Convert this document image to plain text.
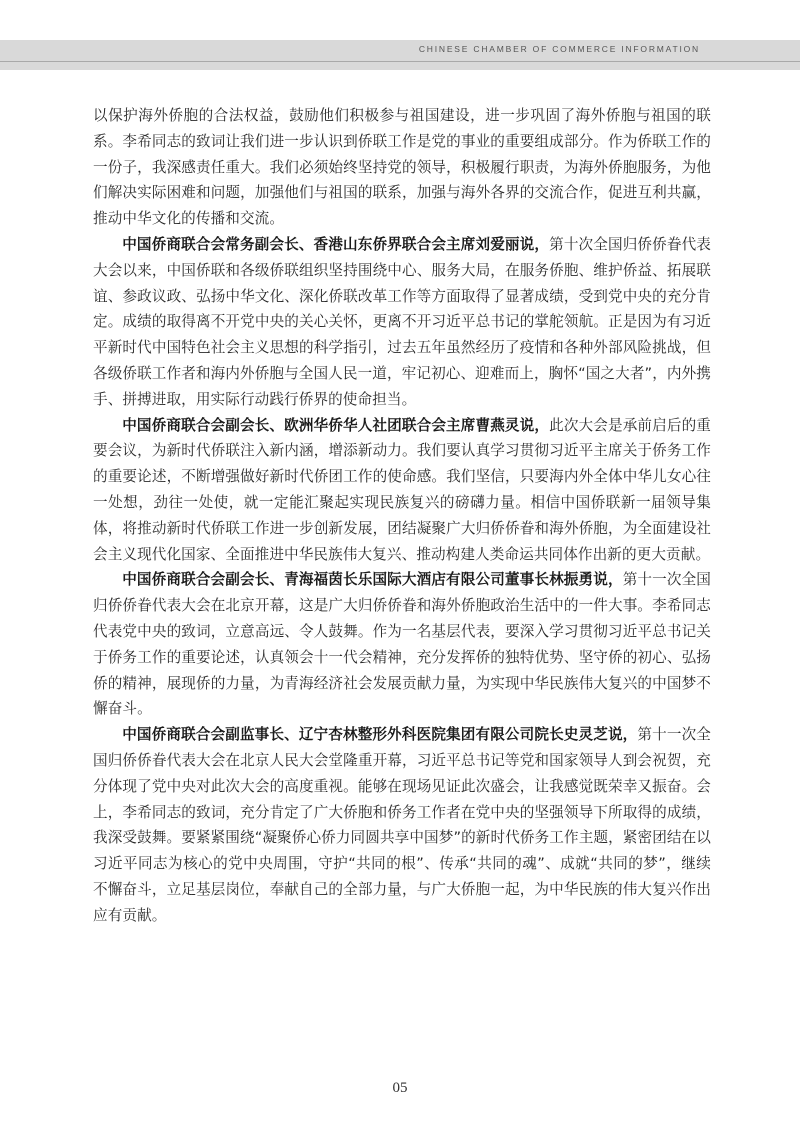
CHINESE CHAMBER OF COMMERCE INFORMATION

以保护海外侨胞的合法权益，鼓励他们积极参与祖国建设，进一步巩固了海外侨胞与祖国的联系。李希同志的致词让我们进一步认识到侨联工作是党的事业的重要组成部分。作为侨联工作的一份子，我深感责任重大。我们必须始终坚持党的领导，积极履行职责，为海外侨胞服务，为他们解决实际困难和问题，加强他们与祖国的联系，加强与海外各界的交流合作，促进互利共赢，推动中华文化的传播和交流。

中国侨商联合会常务副会长、香港山东侨界联合会主席刘爱丽说，第十次全国归侨侨眷代表大会以来，中国侨联和各级侨联组织坚持围绕中心、服务大局，在服务侨胞、维护侨益、拓展联谊、参政议政、弘扬中华文化、深化侨联改革工作等方面取得了显著成绩，受到党中央的充分肯定。成绩的取得离不开党中央的关心关怀，更离不开习近平总书记的掌舵领航。正是因为有习近平新时代中国特色社会主义思想的科学指引，过去五年虽然经历了疫情和各种外部风险挑战，但各级侨联工作者和海内外侨胞与全国人民一道，牢记初心、迎难而上，胸怀“国之大者”，内外携手、拼搏进取，用实际行动践行侨界的使命担当。

中国侨商联合会副会长、欧洲华侨华人社团联合会主席曹燕灵说，此次大会是承前启后的重要会议，为新时代侨联注入新内涵，增添新动力。我们要认真学习贯彻习近平主席关于侨务工作的重要论述，不断增强做好新时代侨团工作的使命感。我们坚信，只要海内外全体中华儿女心往一处想，劲往一处使，就一定能汇聚起实现民族复兴的磅礴力量。相信中国侨联新一届领导集体，将推动新时代侨联工作进一步创新发展，团结凝聚广大归侨侨眷和海外侨胞，为全面建设社会主义现代化国家、全面推进中华民族伟大复兴、推动构建人类命运共同体作出新的更大贡献。

中国侨商联合会副会长、青海福茵长乐国际大酒店有限公司董事长林振勇说，第十一次全国归侨侨眷代表大会在北京开幕，这是广大归侨侨眷和海外侨胞政治生活中的一件大事。李希同志代表党中央的致词，立意高远、令人鼓舞。作为一名基层代表，要深入学习贯彻习近平总书记关于侨务工作的重要论述，认真领会十一代会精神，充分发挥侨的独特优势、坚守侨的初心、弘扬侨的精神，展现侨的力量，为青海经济社会发展贡献力量，为实现中华民族伟大复兴的中国梦不懈奋斗。

中国侨商联合会副监事长、辽宁杏林整形外科医院集团有限公司院长史灵芝说，第十一次全国归侨侨眷代表大会在北京人民大会堂隆重开幕，习近平总书记等党和国家领导人到会祝贺，充分体现了党中央对此次大会的高度重视。能够在现场见证此次盛会，让我感觉既荣幸又振奋。会上，李希同志的致词，充分肯定了广大侨胞和侨务工作者在党中央的坚强领导下所取得的成绩，我深受鼓舞。要紧紧围绕“凝聚侨心侨力同圆共享中国梦”的新时代侨务工作主题，紧密团结在以习近平同志为核心的党中央周围，守护“共同的根”、传承“共同的魂”、成就“共同的梦”，继续不懈奋斗，立足基层岗位，奉献自己的全部力量，与广大侨胞一起，为中华民族的伟大复兴作出应有贡献。

05
